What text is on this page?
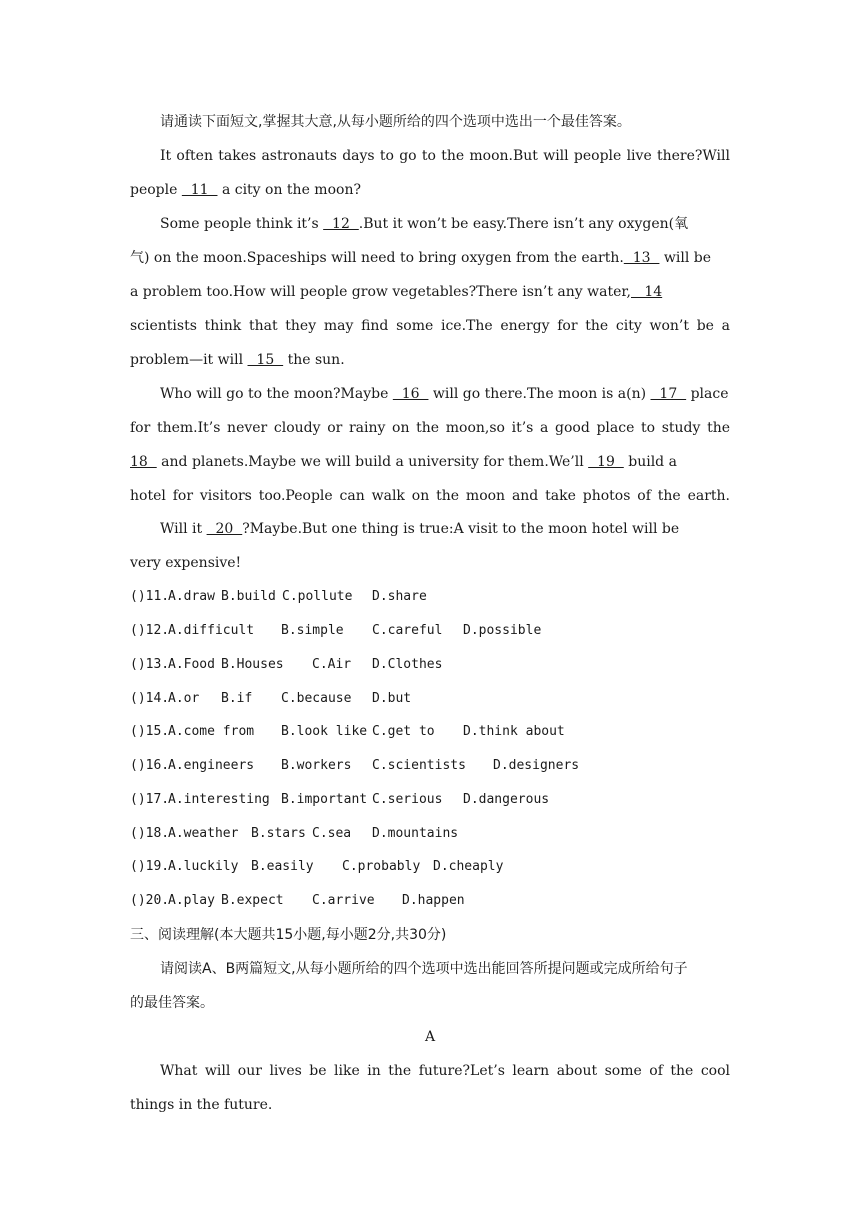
请通读下面短文,掌握其大意,从每小题所给的四个选项中选出一个最佳答案。
It often takes astronauts days to go to the moon.But will people live there?Will
people   11   a city on the moon?
Some people think it’s   12  .But it won’t be easy.There isn’t any oxygen(氧
气) on the moon.Spaceships will need to bring oxygen from the earth.  13   will be
a problem too.How will people grow vegetables?There isn’t any water,   14
scientists think that they may find some ice.The energy for the city won’t be a
problem—it will   15   the sun.
Who will go to the moon?Maybe   16   will go there.The moon is a(n)   17   place
for them.It’s never cloudy or rainy on the moon,so it’s a good place to study the
18   and planets.Maybe we will build a university for them.We’ll   19   build a
hotel for visitors too.People can walk on the moon and take photos of the earth.
Will it   20  ?Maybe.But one thing is true:A visit to the moon hotel will be
very expensive!
()11.
A.draw B.build C.pollute D.share
()12.
A.difficult B.simple C.careful D.possible
()13.
A.Food B.Houses C.Air D.Clothes
()14.
A.or B.if C.because D.but
()15.
A.come from B.look like C.get to D.think about
()16.
A.engineers B.workers C.scientists D.designers
()17.
A.interesting B.important C.serious D.dangerous
()18.
A.weather B.stars C.sea D.mountains
()19.
A.luckily B.easily C.probably D.cheaply
()20.
A.play B.expect C.arrive D.happen
三、阅读理解(本大题共15小题,每小题2分,共30分)
请阅读A、B两篇短文,从每小题所给的四个选项中选出能回答所提问题或完成所给句子
的最佳答案。
A
What will our lives be like in the future?Let’s learn about some of the cool
things in the future.
